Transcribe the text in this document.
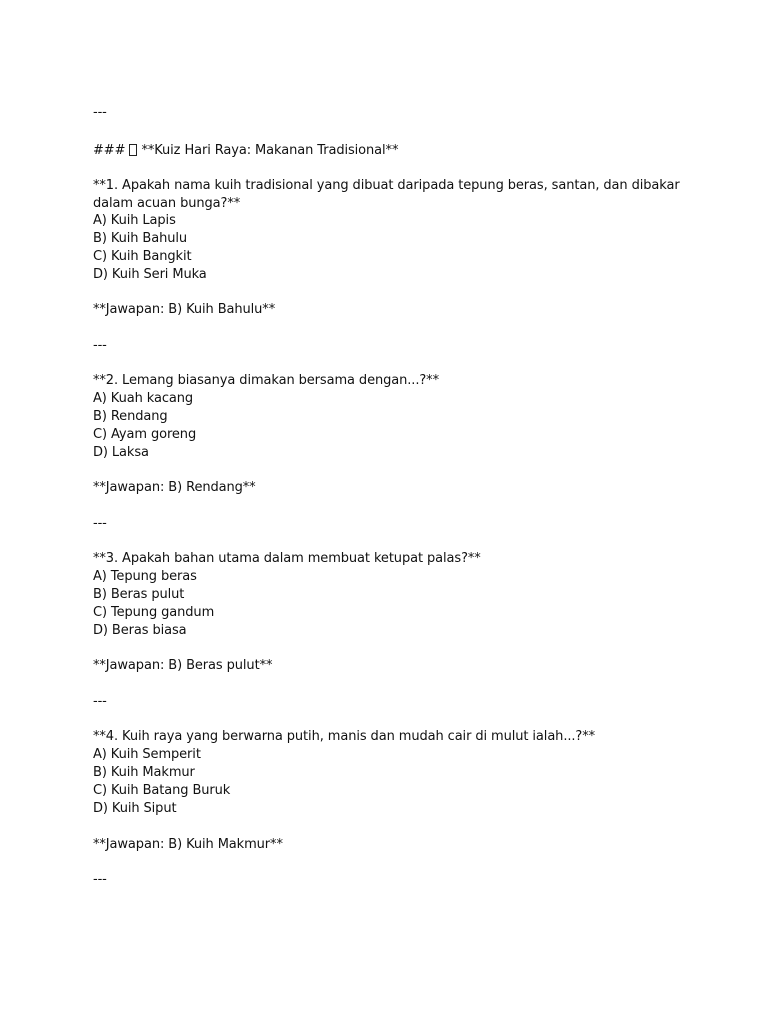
---
###  **Kuiz Hari Raya: Makanan Tradisional**
**1. Apakah nama kuih tradisional yang dibuat daripada tepung beras, santan, dan dibakar
dalam acuan bunga?**
A) Kuih Lapis
B) Kuih Bahulu
C) Kuih Bangkit
D) Kuih Seri Muka
**Jawapan: B) Kuih Bahulu**
---
**2. Lemang biasanya dimakan bersama dengan...?**
A) Kuah kacang
B) Rendang
C) Ayam goreng
D) Laksa
**Jawapan: B) Rendang**
---
**3. Apakah bahan utama dalam membuat ketupat palas?**
A) Tepung beras
B) Beras pulut
C) Tepung gandum
D) Beras biasa
**Jawapan: B) Beras pulut**
---
**4. Kuih raya yang berwarna putih, manis dan mudah cair di mulut ialah...?**
A) Kuih Semperit
B) Kuih Makmur
C) Kuih Batang Buruk
D) Kuih Siput
**Jawapan: B) Kuih Makmur**
---
